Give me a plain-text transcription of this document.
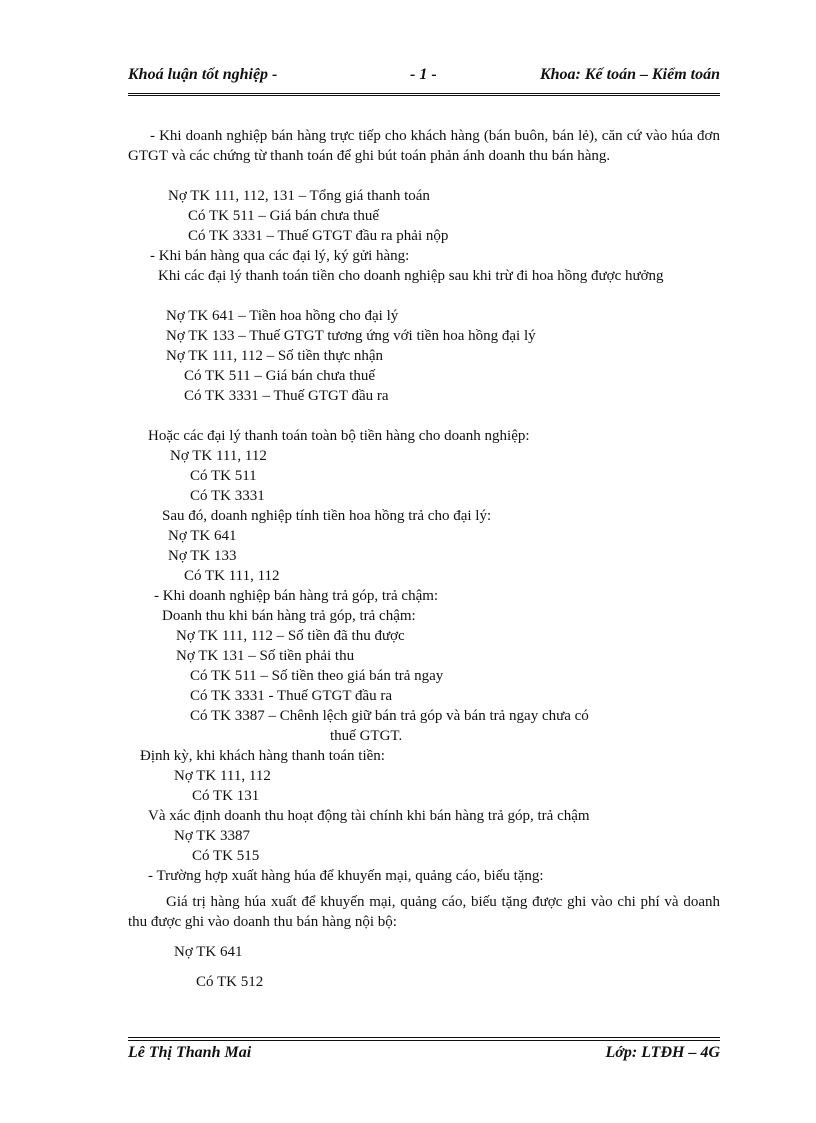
Khoá luận tốt nghiệp -	- 1 -	Khoa: Kế toán – Kiểm toán
- Khi doanh nghiệp bán hàng trực tiếp cho khách hàng (bán buôn, bán lẻ), căn cứ vào húa đơn GTGT và các chứng từ thanh toán để ghi bút toán phản ánh doanh thu bán hàng.
Nợ TK 111, 112, 131 – Tổng giá thanh toán
Có TK 511 – Giá bán chưa thuế
Có TK 3331 – Thuế GTGT đầu ra phải nộp
- Khi bán hàng qua các đại lý, ký gửi hàng:
Khi các đại lý thanh toán tiền cho doanh nghiệp sau khi trừ đi hoa hồng được hưởng
Nợ TK 641 – Tiền hoa hồng cho đại lý
Nợ TK 133 – Thuế GTGT tương ứng với tiền hoa hồng đại lý
Nợ TK 111, 112 – Số tiền thực nhận
Có TK 511 – Giá bán chưa thuế
Có TK 3331 – Thuế GTGT đầu ra
Hoặc các đại lý thanh toán toàn bộ tiền hàng cho doanh nghiệp:
Nợ TK 111, 112
Có TK 511
Có TK 3331
Sau đó, doanh nghiệp tính tiền hoa hồng trả cho đại lý:
Nợ TK 641
Nợ TK 133
Có TK 111, 112
- Khi doanh nghiệp bán hàng trả góp, trả chậm:
Doanh thu khi bán hàng trả góp, trả chậm:
Nợ TK 111, 112 – Số tiền đã thu được
Nợ TK 131 – Số tiền phải thu
Có TK 511 – Số tiền theo giá bán trả ngay
Có TK 3331 - Thuế GTGT đầu ra
Có TK 3387 – Chênh lệch giữ bán trả góp và bán trả ngay chưa có
thuế GTGT.
Định kỳ, khi khách hàng thanh toán tiền:
Nợ TK 111, 112
Có TK 131
Và xác định doanh thu hoạt động tài chính khi bán hàng trả góp, trả chậm
Nợ TK 3387
Có TK 515
- Trường hợp xuất hàng húa để khuyến mại, quảng cáo, biếu tặng:
Giá trị hàng húa xuất để khuyến mại, quảng cáo, biếu tặng được ghi vào chi phí và doanh thu được ghi vào doanh thu bán hàng nội bộ:
Nợ TK 641
Có TK 512
Lê Thị Thanh Mai	Lớp: LTĐH – 4G
